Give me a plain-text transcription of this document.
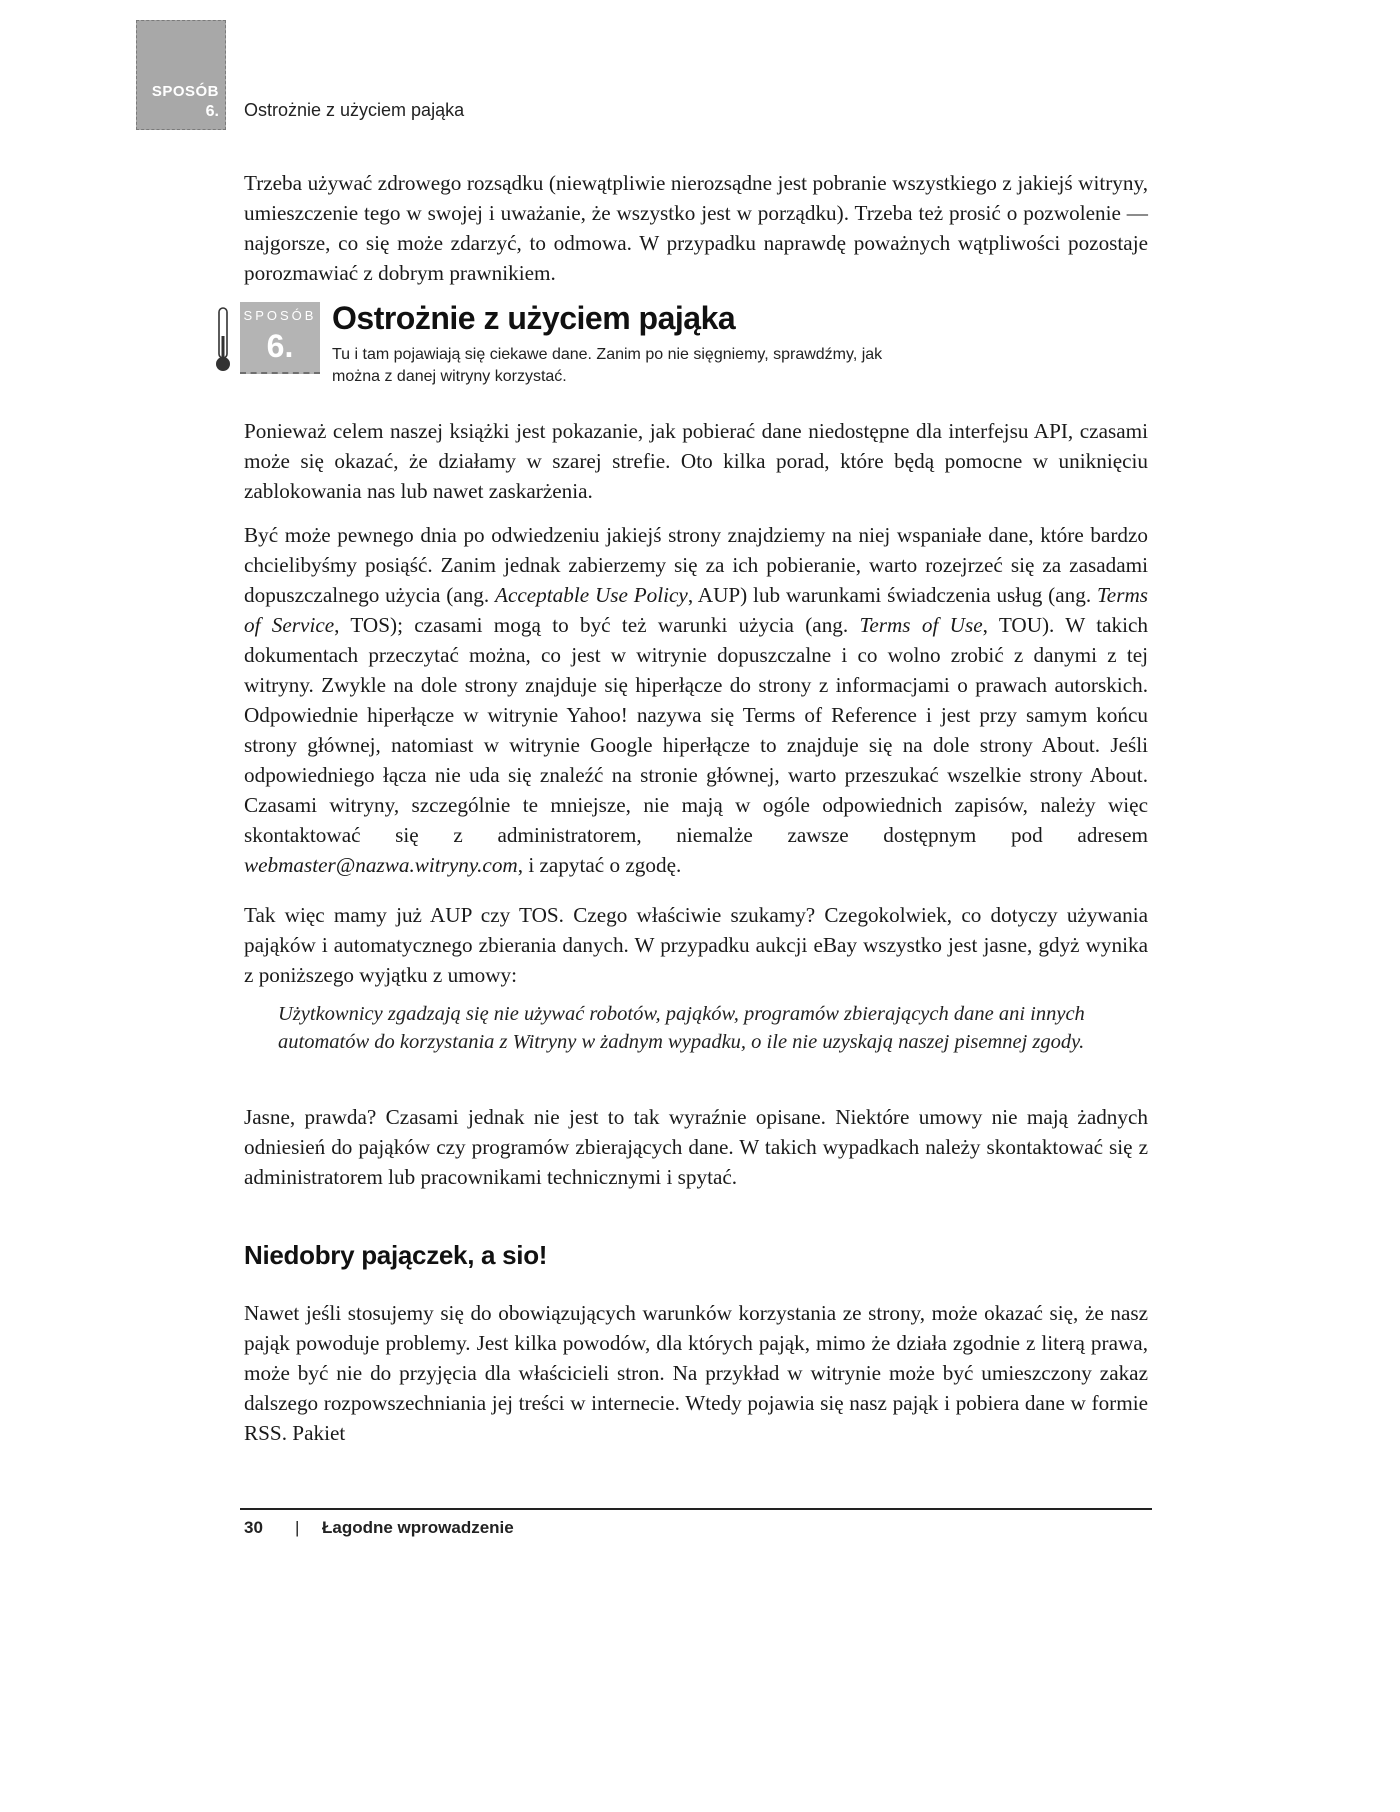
SPOSÓB
6. Ostrożnie z użyciem pająka

Trzeba używać zdrowego rozsądku (niewątpliwie nierozsądne jest pobranie wszystkiego z jakiejś witryny, umieszczenie tego w swojej i uważanie, że wszystko jest w porządku). Trzeba też prosić o pozwolenie — najgorsze, co się może zdarzyć, to odmowa. W przypadku naprawdę poważnych wątpliwości pozostaje porozmawiać z dobrym prawnikiem.

SPOSÓB
6.
Ostrożnie z użyciem pająka
Tu i tam pojawiają się ciekawe dane. Zanim po nie sięgniemy, sprawdźmy, jak można z danej witryny korzystać.

Ponieważ celem naszej książki jest pokazanie, jak pobierać dane niedostępne dla interfejsu API, czasami może się okazać, że działamy w szarej strefie. Oto kilka porad, które będą pomocne w uniknięciu zablokowania nas lub nawet zaskarżenia.

Być może pewnego dnia po odwiedzeniu jakiejś strony znajdziemy na niej wspaniałe dane, które bardzo chcielibyśmy posiąść. Zanim jednak zabierzemy się za ich pobieranie, warto rozejrzeć się za zasadami dopuszczalnego użycia (ang. Acceptable Use Policy, AUP) lub warunkami świadczenia usług (ang. Terms of Service, TOS); czasami mogą to być też warunki użycia (ang. Terms of Use, TOU). W takich dokumentach przeczytać można, co jest w witrynie dopuszczalne i co wolno zrobić z danymi z tej witryny. Zwykle na dole strony znajduje się hiperłącze do strony z informacjami o prawach autorskich. Odpowiednie hiperłącze w witrynie Yahoo! nazywa się Terms of Reference i jest przy samym końcu strony głównej, natomiast w witrynie Google hiperłącze to znajduje się na dole strony About. Jeśli odpowiedniego łącza nie uda się znaleźć na stronie głównej, warto przeszukać wszelkie strony About. Czasami witryny, szczególnie te mniejsze, nie mają w ogóle odpowiednich zapisów, należy więc skontaktować się z administratorem, niemalże zawsze dostępnym pod adresem webmaster@nazwa.witryny.com, i zapytać o zgodę.

Tak więc mamy już AUP czy TOS. Czego właściwie szukamy? Czegokolwiek, co dotyczy używania pająków i automatycznego zbierania danych. W przypadku aukcji eBay wszystko jest jasne, gdyż wynika z poniższego wyjątku z umowy:

Użytkownicy zgadzają się nie używać robotów, pająków, programów zbierających dane ani innych automatów do korzystania z Witryny w żadnym wypadku, o ile nie uzyskają naszej pisemnej zgody.

Jasne, prawda? Czasami jednak nie jest to tak wyraźnie opisane. Niektóre umowy nie mają żadnych odniesień do pająków czy programów zbierających dane. W takich wypadkach należy skontaktować się z administratorem lub pracownikami technicznymi i spytać.

Niedobry pajączek, a sio!

Nawet jeśli stosujemy się do obowiązujących warunków korzystania ze strony, może okazać się, że nasz pająk powoduje problemy. Jest kilka powodów, dla których pająk, mimo że działa zgodnie z literą prawa, może być nie do przyjęcia dla właścicieli stron. Na przykład w witrynie może być umieszczony zakaz dalszego rozpowszechniania jej treści w internecie. Wtedy pojawia się nasz pająk i pobiera dane w formie RSS. Pakiet

30 | Łagodne wprowadzenie
